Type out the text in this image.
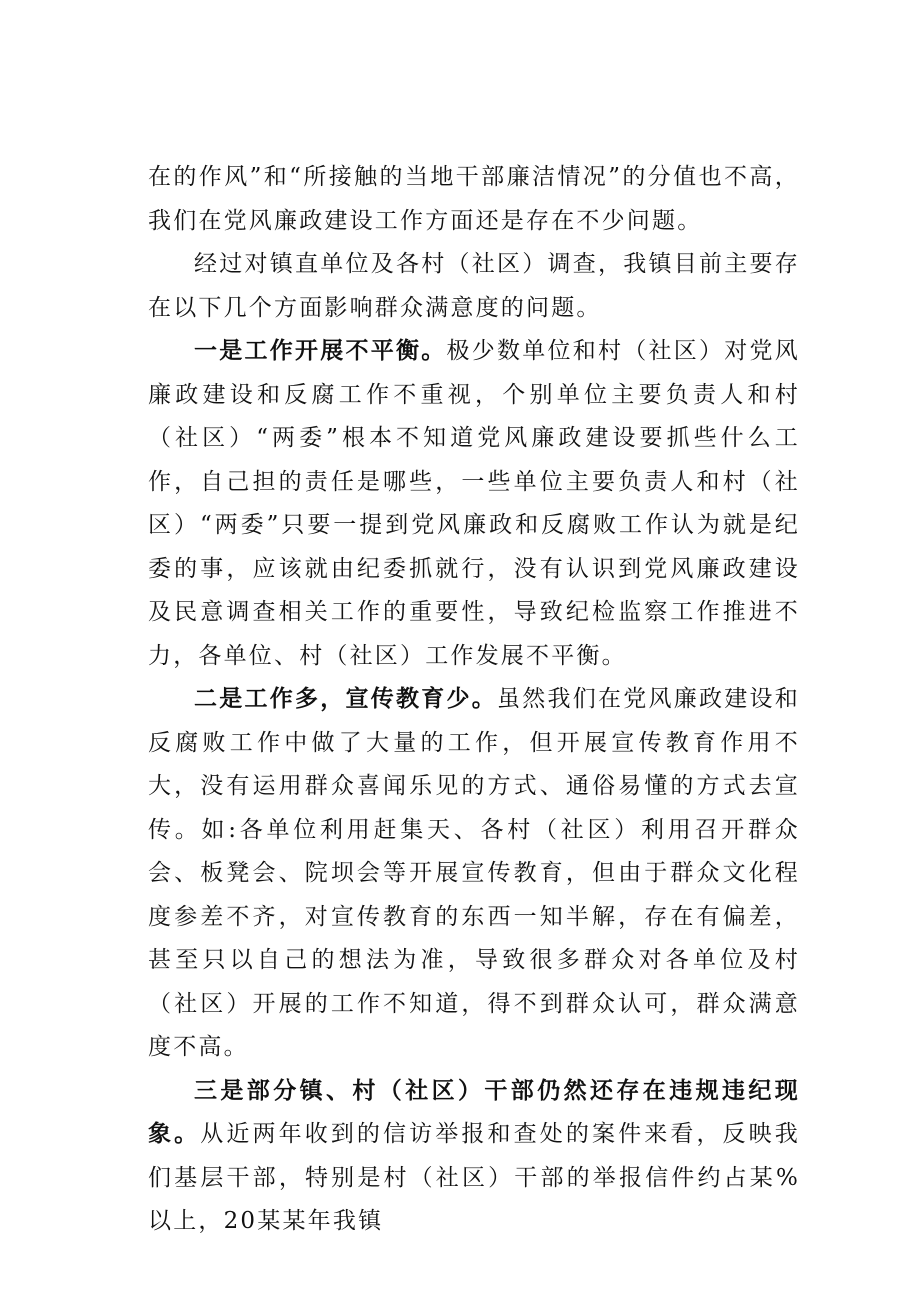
在的作风”和“所接触的当地干部廉洁情况”的分值也不高，我们在党风廉政建设工作方面还是存在不少问题。

经过对镇直单位及各村（社区）调查，我镇目前主要存在以下几个方面影响群众满意度的问题。

一是工作开展不平衡。极少数单位和村（社区）对党风廉政建设和反腐工作不重视，个别单位主要负责人和村（社区）“两委”根本不知道党风廉政建设要抓些什么工作，自己担的责任是哪些，一些单位主要负责人和村（社区）“两委”只要一提到党风廉政和反腐败工作认为就是纪委的事，应该就由纪委抓就行，没有认识到党风廉政建设及民意调查相关工作的重要性，导致纪检监察工作推进不力，各单位、村（社区）工作发展不平衡。

二是工作多，宣传教育少。虽然我们在党风廉政建设和反腐败工作中做了大量的工作，但开展宣传教育作用不大，没有运用群众喜闻乐见的方式、通俗易懂的方式去宣传。如:各单位利用赶集天、各村（社区）利用召开群众会、板凳会、院坝会等开展宣传教育，但由于群众文化程度参差不齐，对宣传教育的东西一知半解，存在有偏差，甚至只以自己的想法为准，导致很多群众对各单位及村（社区）开展的工作不知道，得不到群众认可，群众满意度不高。

三是部分镇、村（社区）干部仍然还存在违规违纪现象。从近两年收到的信访举报和查处的案件来看，反映我们基层干部，特别是村（社区）干部的举报信件约占某%以上，20某某年我镇
